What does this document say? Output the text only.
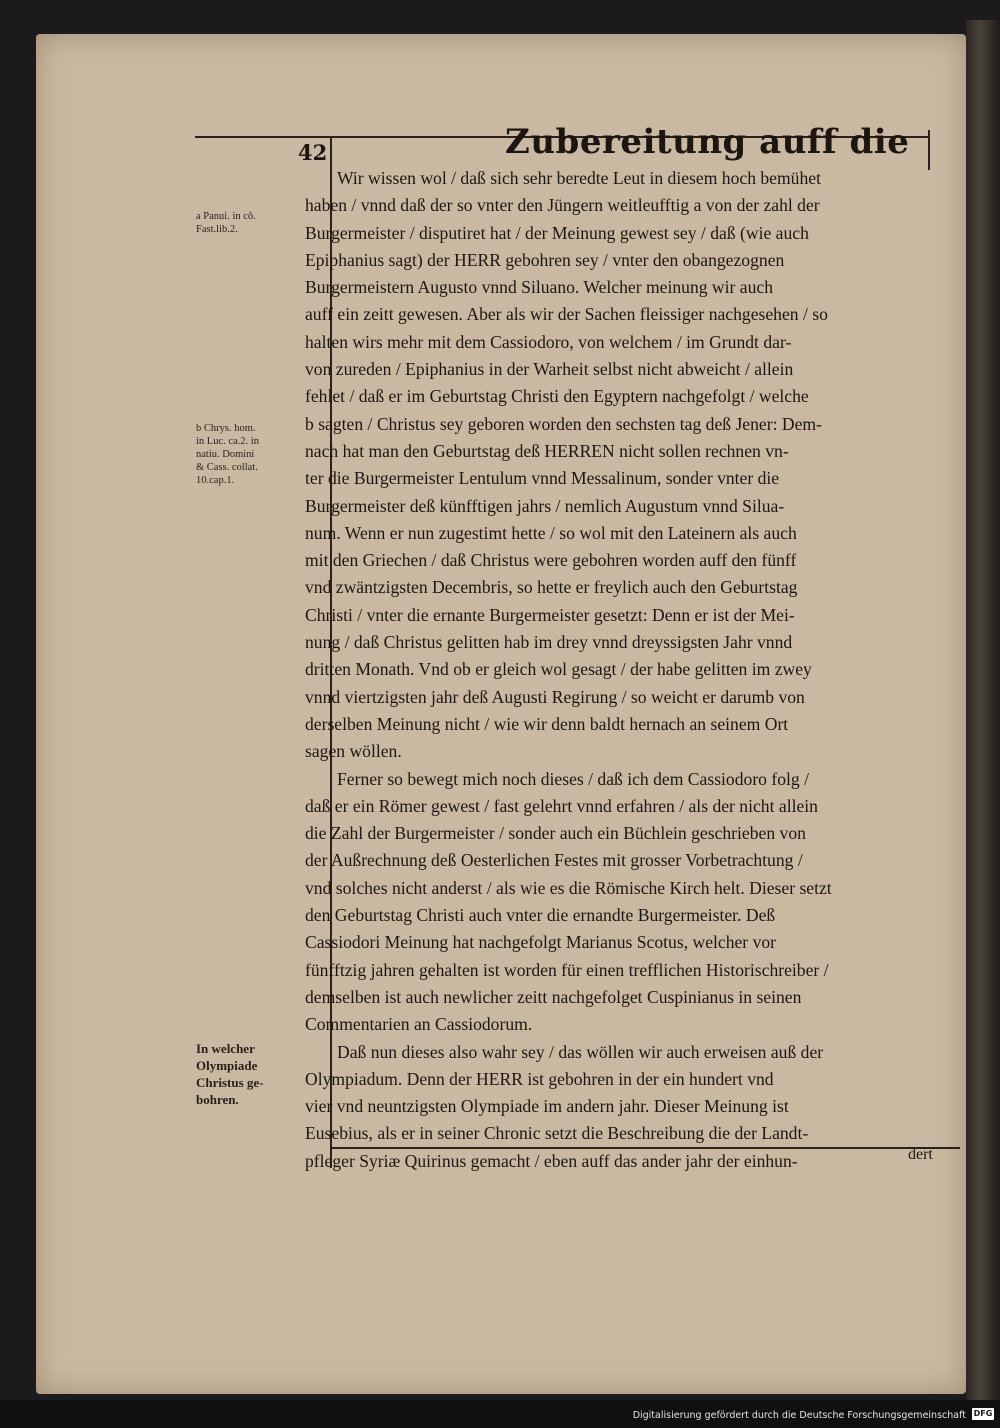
42	Zubereitung auff die
a Panui. in cō.
Fast.lib.2.
b Chrys. hom.
in Luc. ca.2. in
natiu. Domini
& Cass. collat.
10.cap.1.
In welcher
Olympiade
Christus ge-
bohren.
Wir wissen wol / daß sich sehr beredte Leut in diesem hoch bemühet
haben / vnnd daß der so vnter den Jüngern weitleufftig a von der zahl der
Burgermeister / disputiret hat / der Meinung gewest sey / daß (wie auch
Epiphanius sagt) der HERR gebohren sey / vnter den obangezognen
Burgermeistern Augusto vnnd Siluano. Welcher meinung wir auch
auff ein zeitt gewesen. Aber als wir der Sachen fleissiger nachgesehen / so
halten wirs mehr mit dem Cassiodoro, von welchem / im Grundt dar-
von zureden / Epiphanius in der Warheit selbst nicht abweicht / allein
fehlet / daß er im Geburtstag Christi den Egyptern nachgefolgt / welche
b sagten / Christus sey geboren worden den sechsten tag deß Jener: Dem-
nach hat man den Geburtstag deß HERREN nicht sollen rechnen vn-
ter die Burgermeister Lentulum vnnd Messalinum, sonder vnter die
Burgermeister deß künfftigen jahrs / nemlich Augustum vnnd Silua-
num. Wenn er nun zugestimt hette / so wol mit den Lateinern als auch
mit den Griechen / daß Christus were gebohren worden auff den fünff
vnd zwäntzigsten Decembris, so hette er freylich auch den Geburtstag
Christi / vnter die ernante Burgermeister gesetzt: Denn er ist der Mei-
nung / daß Christus gelitten hab im drey vnnd dreyssigsten Jahr vnnd
dritten Monath. Vnd ob er gleich wol gesagt / der habe gelitten im zwey
vnnd viertzigsten jahr deß Augusti Regirung / so weicht er darumb von
derselben Meinung nicht / wie wir denn baldt hernach an seinem Ort
sagen wöllen.
Ferner so bewegt mich noch dieses / daß ich dem Cassiodoro folg /
daß er ein Römer gewest / fast gelehrt vnnd erfahren / als der nicht allein
die Zahl der Burgermeister / sonder auch ein Büchlein geschrieben von
der Außrechnung deß Oesterlichen Festes mit grosser Vorbetrachtung /
vnd solches nicht anderst / als wie es die Römische Kirch helt. Dieser setzt
den Geburtstag Christi auch vnter die ernandte Burgermeister. Deß
Cassiodori Meinung hat nachgefolgt Marianus Scotus, welcher vor
fünfftzig jahren gehalten ist worden für einen trefflichen Historischreiber /
demselben ist auch newlicher zeitt nachgefolget Cuspinianus in seinen
Commentarien an Cassiodorum.
Daß nun dieses also wahr sey / das wöllen wir auch erweisen auß der
Olympiadum. Denn der HERR ist gebohren in der ein hundert vnd
vier vnd neuntzigsten Olympiade im andern jahr. Dieser Meinung ist
Eusebius, als er in seiner Chronic setzt die Beschreibung die der Landt-
pfleger Syriæ Quirinus gemacht / eben auff das ander jahr der einhun-	dert
Digitalisierung gefördert durch die Deutsche Forschungsgemeinschaft DFG
